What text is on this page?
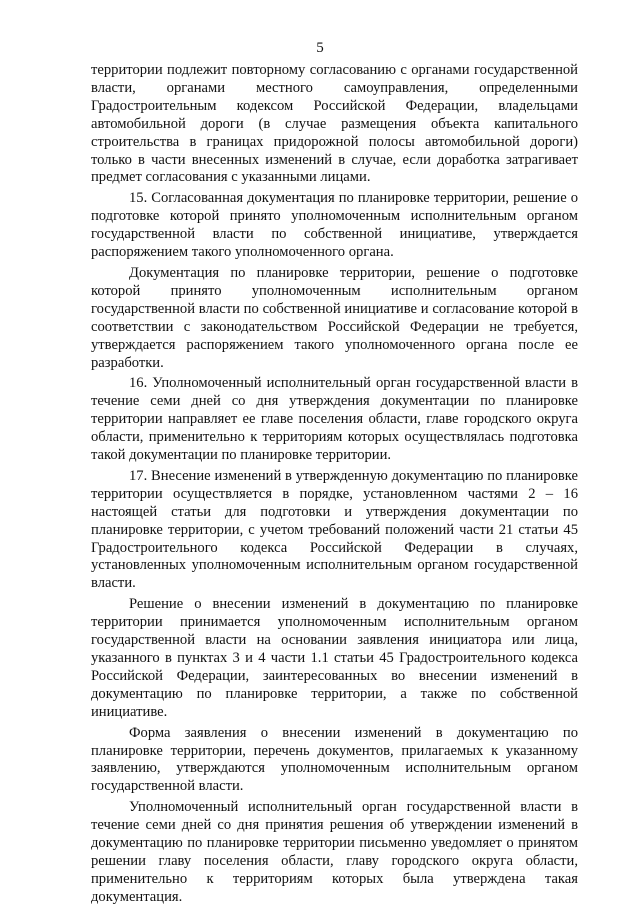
5

территории подлежит повторному согласованию с органами государственной власти, органами местного самоуправления, определенными Градостроительным кодексом Российской Федерации, владельцами автомобильной дороги (в случае размещения объекта капитального строительства в границах придорожной полосы автомобильной дороги) только в части внесенных изменений в случае, если доработка затрагивает предмет согласования с указанными лицами.

15. Согласованная документация по планировке территории, решение о подготовке которой принято уполномоченным исполнительным органом государственной власти по собственной инициативе, утверждается распоряжением такого уполномоченного органа.

Документация по планировке территории, решение о подготовке которой принято уполномоченным исполнительным органом государственной власти по собственной инициативе и согласование которой в соответствии с законодательством Российской Федерации не требуется, утверждается распоряжением такого уполномоченного органа после ее разработки.

16. Уполномоченный исполнительный орган государственной власти в течение семи дней со дня утверждения документации по планировке территории направляет ее главе поселения области, главе городского округа области, применительно к территориям которых осуществлялась подготовка такой документации по планировке территории.

17. Внесение изменений в утвержденную документацию по планировке территории осуществляется в порядке, установленном частями 2 – 16 настоящей статьи для подготовки и утверждения документации по планировке территории, с учетом требований положений части 21 статьи 45 Градостроительного кодекса Российской Федерации в случаях, установленных уполномоченным исполнительным органом государственной власти.

Решение о внесении изменений в документацию по планировке территории принимается уполномоченным исполнительным органом государственной власти на основании заявления инициатора или лица, указанного в пунктах 3 и 4 части 1.1 статьи 45 Градостроительного кодекса Российской Федерации, заинтересованных во внесении изменений в документацию по планировке территории, а также по собственной инициативе.

Форма заявления о внесении изменений в документацию по планировке территории, перечень документов, прилагаемых к указанному заявлению, утверждаются уполномоченным исполнительным органом государственной власти.

Уполномоченный исполнительный орган государственной власти в течение семи дней со дня принятия решения об утверждении изменений в документацию по планировке территории письменно уведомляет о принятом решении главу поселения области, главу городского округа области, применительно к территориям которых была утверждена такая документация.
